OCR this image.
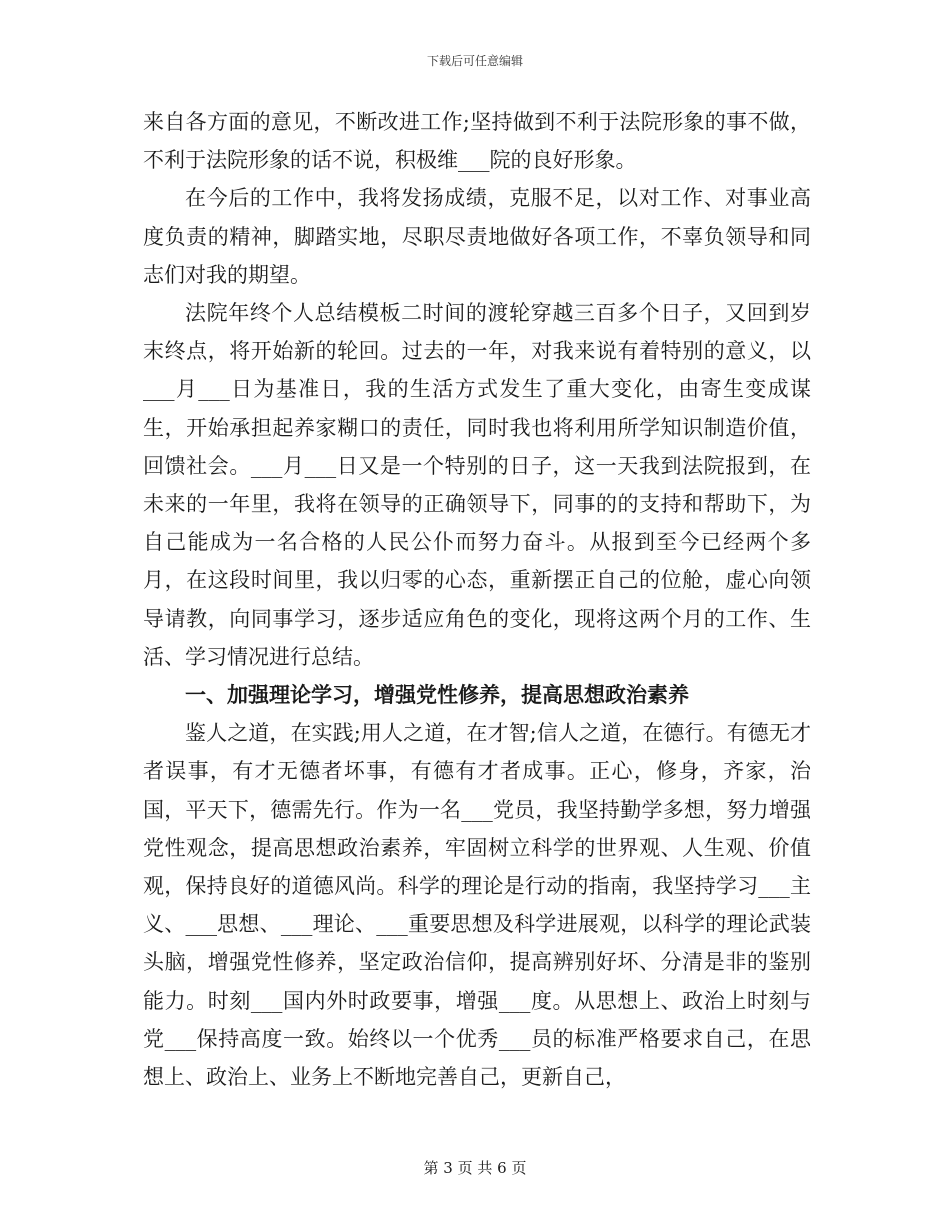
下载后可任意编辑

来自各方面的意见，不断改进工作;坚持做到不利于法院形象的事不做，不利于法院形象的话不说，积极维___院的良好形象。

在今后的工作中，我将发扬成绩，克服不足，以对工作、对事业高度负责的精神，脚踏实地，尽职尽责地做好各项工作，不辜负领导和同志们对我的期望。

法院年终个人总结模板二时间的渡轮穿越三百多个日子，又回到岁末终点，将开始新的轮回。过去的一年，对我来说有着特别的意义，以___月___日为基准日，我的生活方式发生了重大变化，由寄生变成谋生，开始承担起养家糊口的责任，同时我也将利用所学知识制造价值，回馈社会。___月___日又是一个特别的日子，这一天我到法院报到，在未来的一年里，我将在领导的正确领导下，同事的的支持和帮助下，为自己能成为一名合格的人民公仆而努力奋斗。从报到至今已经两个多月，在这段时间里，我以归零的心态，重新摆正自己的位舱，虚心向领导请教，向同事学习，逐步适应角色的变化，现将这两个月的工作、生活、学习情况进行总结。

一、加强理论学习，增强党性修养，提高思想政治素养

鉴人之道，在实践;用人之道，在才智;信人之道，在德行。有德无才者误事，有才无德者坏事，有德有才者成事。正心，修身，齐家，治国，平天下，德需先行。作为一名___党员，我坚持勤学多想，努力增强党性观念，提高思想政治素养，牢固树立科学的世界观、人生观、价值观，保持良好的道德风尚。科学的理论是行动的指南，我坚持学习___主义、___思想、___理论、___重要思想及科学进展观，以科学的理论武装头脑，增强党性修养，坚定政治信仰，提高辨别好坏、分清是非的鉴别能力。时刻___国内外时政要事，增强___度。从思想上、政治上时刻与党___保持高度一致。始终以一个优秀___员的标准严格要求自己，在思想上、政治上、业务上不断地完善自己，更新自己，

第 3 页 共 6 页
